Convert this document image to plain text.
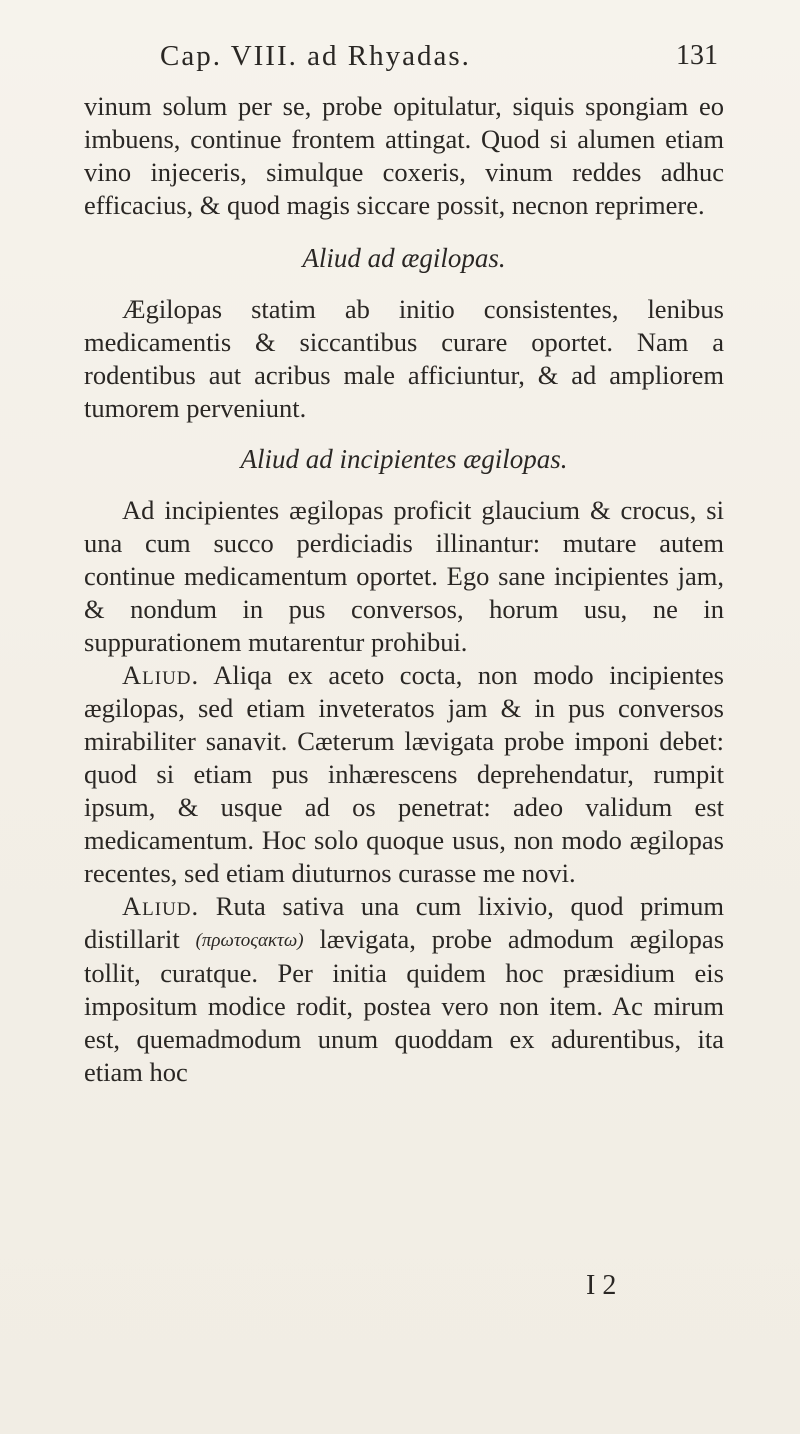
Cap. VIII. ad Rhyadas.	131

vinum solum per se, probe opitulatur, siquis spongiam eo imbuens, continue frontem attingat. Quod si alumen etiam vino injeceris, simulque coxeris, vinum reddes adhuc efficacius, & quod magis siccare possit, necnon reprimere.

Aliud ad ægilopas.

Ægilopas statim ab initio consistentes, lenibus medicamentis & siccantibus curare oportet. Nam a rodentibus aut acribus male afficiuntur, & ad ampliorem tumorem perveniunt.

Aliud ad incipientes ægilopas.

Ad incipientes ægilopas proficit glaucium & crocus, si una cum succo perdiciadis illinantur: mutare autem continue medicamentum oportet. Ego sane incipientes jam, & nondum in pus conversos, horum usu, ne in suppurationem mutarentur prohibui.

Aliud. Aliqa ex aceto cocta, non modo incipientes ægilopas, sed etiam inveteratos jam & in pus conversos mirabiliter sanavit. Cæterum lævigata probe imponi debet: quod si etiam pus inhærescens deprehendatur, rumpit ipsum, & usque ad os penetrat: adeo validum est medicamentum. Hoc solo quoque usus, non modo ægilopas recentes, sed etiam diuturnos curasse me novi.

Aliud. Ruta sativa una cum lixivio, quod primum distillarit (πρωτοςακτω) lævigata, probe admodum ægilopas tollit, curatque. Per initia quidem hoc præsidium eis impositum modice rodit, postea vero non item. Ac mirum est, quemadmodum unum quoddam ex adurentibus, ita etiam hoc

I 2
